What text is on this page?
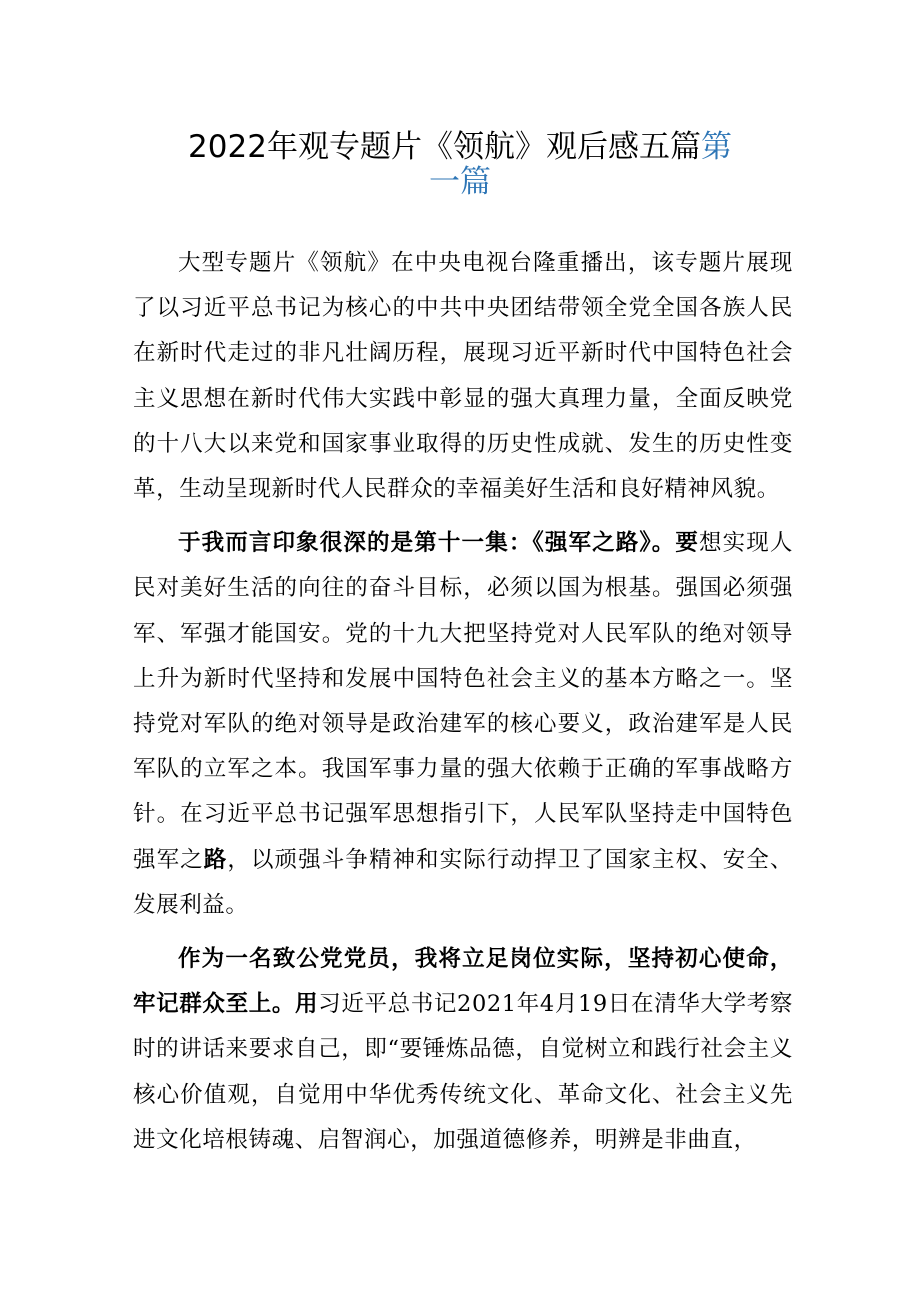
2022年观专题片《领航》观后感五篇第
一篇

大型专题片《领航》在中央电视台隆重播出，该专题片展现了以习近平总书记为核心的中共中央团结带领全党全国各族人民在新时代走过的非凡壮阔历程，展现习近平新时代中国特色社会主义思想在新时代伟大实践中彰显的强大真理力量，全面反映党的十八大以来党和国家事业取得的历史性成就、发生的历史性变革，生动呈现新时代人民群众的幸福美好生活和良好精神风貌。

于我而言印象很深的是第十一集：《强军之路》。要想实现人民对美好生活的向往的奋斗目标，必须以国为根基。强国必须强军、军强才能国安。党的十九大把坚持党对人民军队的绝对领导上升为新时代坚持和发展中国特色社会主义的基本方略之一。坚持党对军队的绝对领导是政治建军的核心要义，政治建军是人民军队的立军之本。我国军事力量的强大依赖于正确的军事战略方针。在习近平总书记强军思想指引下，人民军队坚持走中国特色强军之路，以顽强斗争精神和实际行动捍卫了国家主权、安全、发展利益。

作为一名致公党党员，我将立足岗位实际，坚持初心使命，牢记群众至上。用习近平总书记2021年4月19日在清华大学考察时的讲话来要求自己，即“要锤炼品德，自觉树立和践行社会主义核心价值观，自觉用中华优秀传统文化、革命文化、社会主义先进文化培根铸魂、启智润心，加强道德修养，明辨是非曲直，
